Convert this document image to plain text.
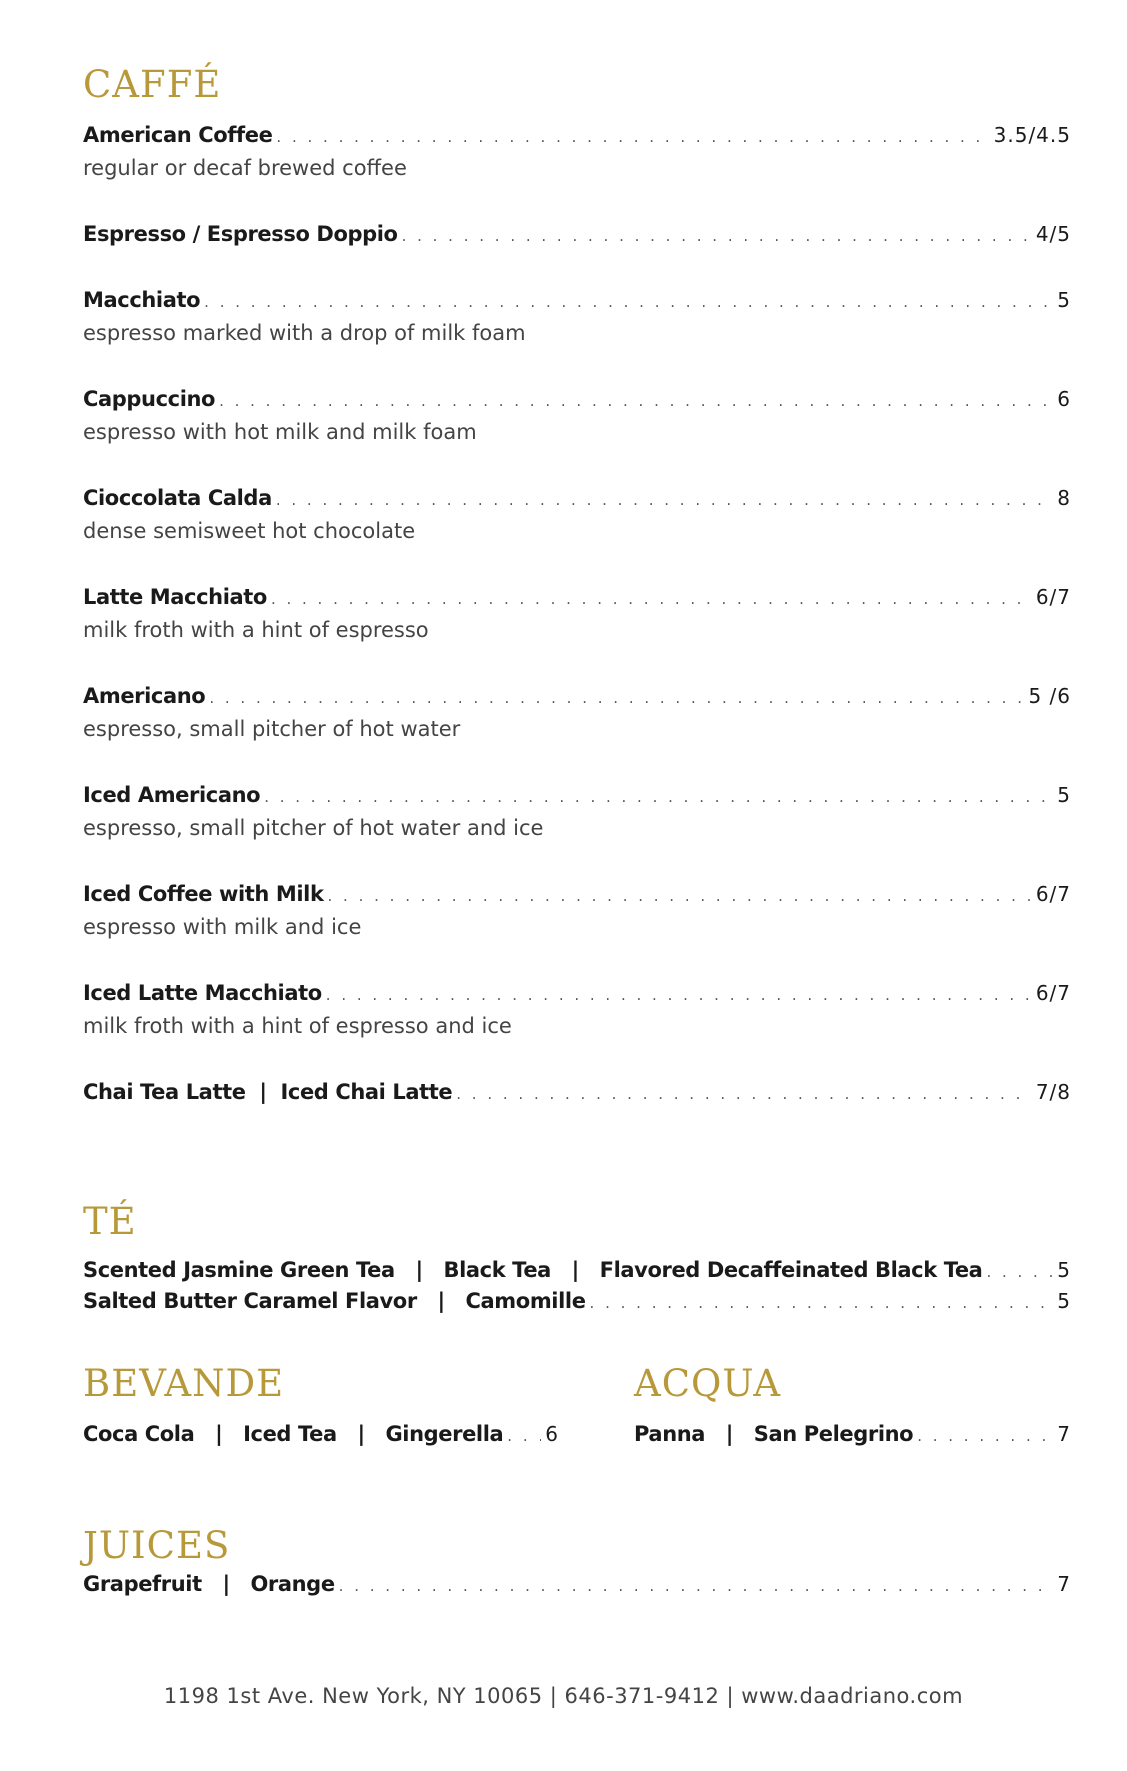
CAFFÉ
American Coffee . . .	3.5/4.5
regular or decaf brewed coffee
Espresso / Espresso Doppio . . .	4/5
Macchiato . . .	5
espresso marked with a drop of milk foam
Cappuccino . . .	6
espresso with hot milk and milk foam
Cioccolata Calda . . .	8
dense semisweet hot chocolate
Latte Macchiato . . .	6/7
milk froth with a hint of espresso
Americano . . .	5 /6
espresso, small pitcher of hot water
Iced Americano . . .	5
espresso, small pitcher of hot water and ice
Iced Coffee with Milk . . .	6/7
espresso with milk and ice
Iced Latte Macchiato . . .	6/7
milk froth with a hint of espresso and ice
Chai Tea Latte  |  Iced Chai Latte . . .	7/8
TÉ
Scented Jasmine Green Tea   |   Black Tea   |   Flavored Decaffeinated Black Tea . . .	5
Salted Butter Caramel Flavor   |   Camomille . . .	5
BEVANDE
Coca Cola   |   Iced Tea   |   Gingerella . . . 6
ACQUA
Panna   |   San Pelegrino . . .	7
JUICES
Grapefruit   |   Orange . . .	7
1198 1st Ave. New York, NY 10065 | 646-371-9412 | www.daadriano.com
